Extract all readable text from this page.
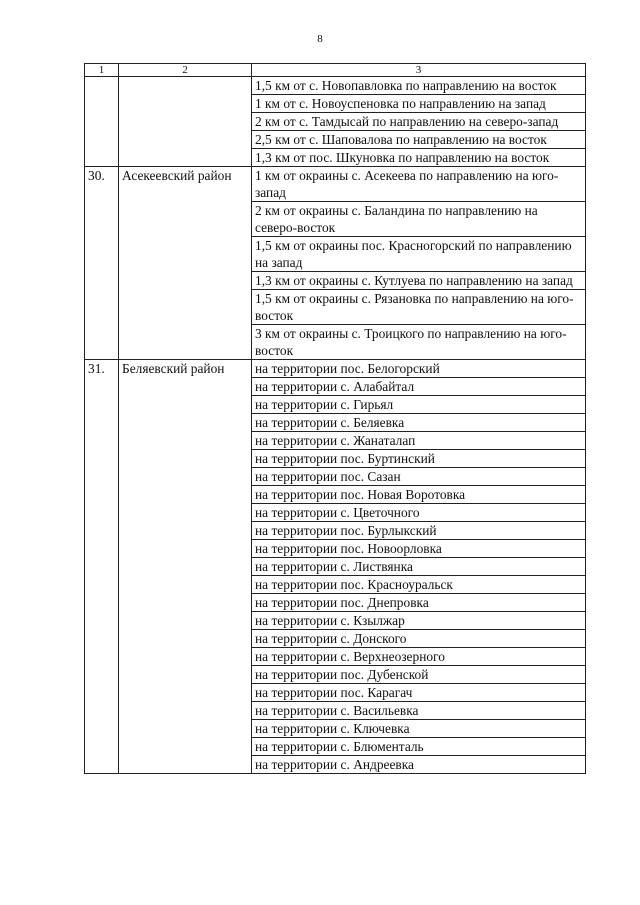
8
1	2	3
		1,5 км от с. Новопавловка по направлению на восток
		1 км от с. Новоуспеновка по направлению на запад
		2 км от с. Тамдысай по направлению на северо-запад
		2,5 км от с. Шаповалова по направлению на восток
		1,3 км от пос. Шкуновка по направлению на восток
30.	Асекеевский район	1 км от окраины с. Асекеева по направлению на юго-запад
		2 км от окраины с. Баландина по направлению на северо-восток
		1,5 км от окраины пос. Красногорский по направлению на запад
		1,3 км от окраины с. Кутлуева по направлению на запад
		1,5 км от окраины с. Рязановка по направлению на юго-восток
		3 км от окраины с. Троицкого по направлению на юго-восток
31.	Беляевский район	на территории пос. Белогорский
		на территории с. Алабайтал
		на территории с. Гирьял
		на территории с. Беляевка
		на территории с. Жанаталап
		на территории пос. Буртинский
		на территории пос. Сазан
		на территории пос. Новая Воротовка
		на территории с. Цветочного
		на территории пос. Бурлыкский
		на территории пос. Новоорловка
		на территории с. Листвянка
		на территории пос. Красноуральск
		на территории пос. Днепровка
		на территории с. Кзылжар
		на территории с. Донского
		на территории с. Верхнеозерного
		на территории пос. Дубенской
		на территории пос. Карагач
		на территории с. Васильевка
		на территории с. Ключевка
		на территории с. Блюменталь
		на территории с. Андреевка
